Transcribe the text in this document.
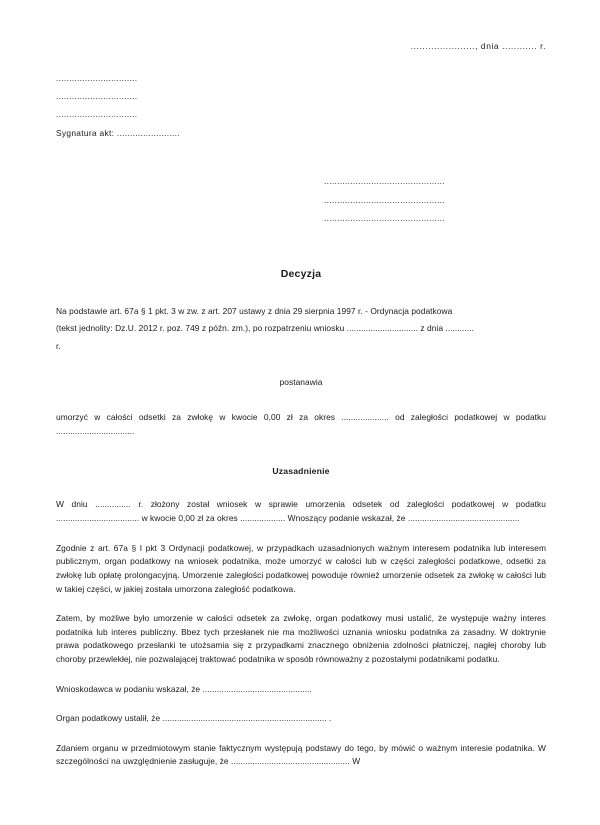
......................, dnia ............ r.
...............................
...............................
...............................
Sygnatura akt: ........................
..............................................
..............................................
..............................................
Decyzja

Na podstawie art. 67a § 1 pkt. 3 w zw. z art. 207 ustawy z dnia 29 sierpnia 1997 r. - Ordynacja podatkowa

(tekst jednolity: Dz.U. 2012 r. poz. 749 z późn. zm.), po rozpatrzeniu wniosku .............................. z dnia ............

r.

postanawia

umorzyć w całości odsetki za zwłokę w kwocie 0,00 zł za okres .................... od zaległości podatkowej w podatku .................................

Uzasadnienie

W dniu ............... r. złożony został wniosek w sprawie umorzenia odsetek od zaległości podatkowej w podatku ................................... w kwocie 0,00 zł za okres ................... Wnoszący podanie wskazał, że ...............................................

Zgodnie z art. 67a § I pkt 3 Ordynacji podatkowej, w przypadkach uzasadnionych ważnym interesem podatnika lub interesem publicznym, organ podatkowy na wniosek podatnika, może umorzyć w całości lub w części zaległości podatkowe, odsetki za zwłokę lub opłatę prolongacyjną. Umorzenie zaległości podatkowej powoduje również umorzenie odsetek za zwłokę w całości lub w takiej części, w jakiej została umorzona zaległość podatkowa.

Zatem, by możliwe było umorzenie w całości odsetek za zwłokę, organ podatkowy musi ustalić, że występuje ważny interes podatnika lub interes publiczny. Bbez tych przesłanek nie ma możliwości uznania wniosku podatnika za zasadny. W doktrynie prawa podatkowego przesłanki te utożsamia się z przypadkami znacznego obniżenia zdolności płatniczej, nagłej choroby lub choroby przewlekłej, nie pozwalającej traktować podatnika w sposób równoważny z pozostałymi podatnikami podatku.

Wnioskodawca w podaniu wskazał, że ..............................................

Organ podatkowy ustalił, że ..................................................................... .

Zdaniem organu w przedmiotowym stanie faktycznym występują podstawy do tego, by mówić o ważnym interesie podatnika. W szczególności na uwzględnienie zasługuje, że .................................................. W
